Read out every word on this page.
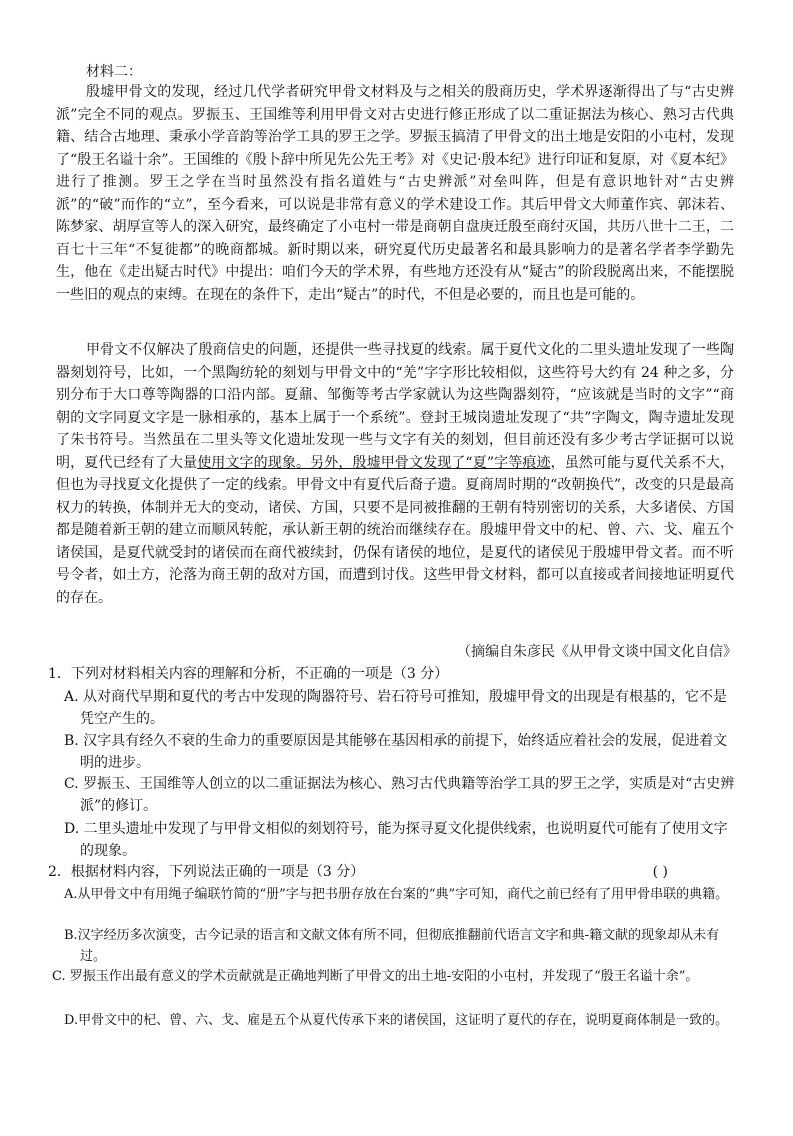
材料二：

殷墟甲骨文的发现，经过几代学者研究甲骨文材料及与之相关的殷商历史，学术界逐渐得出了与“古史辨派”完全不同的观点。罗振玉、王国维等利用甲骨文对古史进行修正形成了以二重证据法为核心、熟习古代典籍、结合古地理、秉承小学音韵等治学工具的罗王之学。罗振玉搞清了甲骨文的出土地是安阳的小屯村，发现了“殷王名谥十余”。王国维的《殷卜辞中所见先公先王考》对《史记·殷本纪》进行印证和复原，对《夏本纪》进行了推测。罗王之学在当时虽然没有指名道姓与“古史辨派”对垒叫阵，但是有意识地针对“古史辨派”的“破”而作的“立”，至今看来，可以说是非常有意义的学术建设工作。其后甲骨文大师董作宾、郭沫若、陈梦家、胡厚宣等人的深入研究，最终确定了小屯村一带是商朝自盘庚迁殷至商纣灭国，共历八世十二王，二百七十三年“不复徙都”的晚商都城。新时期以来，研究夏代历史最著名和最具影响力的是著名学者李学勤先生，他在《走出疑古时代》中提出：咱们今天的学术界，有些地方还没有从“疑古”的阶段脱离出来，不能摆脱一些旧的观点的束缚。在现在的条件下，走出“疑古”的时代，不但是必要的，而且也是可能的。

甲骨文不仅解决了殷商信史的问题，还提供一些寻找夏的线索。属于夏代文化的二里头遗址发现了一些陶器刻划符号，比如，一个黑陶纺轮的刻划与甲骨文中的“羌”字字形比较相似，这些符号大约有 24 种之多，分别分布于大口尊等陶器的口沿内部。夏鼐、邹衡等考古学家就认为这些陶器刻符，“应该就是当时的文字”“商朝的文字同夏文字是一脉相承的，基本上属于一个系统”。登封王城岗遗址发现了“共”字陶文，陶寺遗址发现了朱书符号。当然虽在二里头等文化遗址发现一些与文字有关的刻划，但目前还没有多少考古学证据可以说明，夏代已经有了大量使用文字的现象。另外，殷墟甲骨文发现了“夏”字等痕迹，虽然可能与夏代关系不大，但也为寻找夏文化提供了一定的线索。甲骨文中有夏代后裔子遗。夏商周时期的“改朝换代”，改变的只是最高权力的转换，体制并无大的变动，诸侯、方国，只要不是同被推翻的王朝有特别密切的关系，大多诸侯、方国都是随着新王朝的建立而顺风转舵，承认新王朝的统治而继续存在。殷墟甲骨文中的杞、曾、六、戈、雇五个诸侯国，是夏代就受封的诸侯而在商代被续封，仍保有诸侯的地位，是夏代的诸侯见于殷墟甲骨文者。而不听号令者，如土方，沦落为商王朝的敌对方国，而遭到讨伐。这些甲骨文材料，都可以直接或者间接地证明夏代的存在。

（摘编自朱彦民《从甲骨文谈中国文化自信》
1．下列对材料相关内容的理解和分析，不正确的一项是（3 分）

A. 从对商代早期和夏代的考古中发现的陶器符号、岩石符号可推知，殷墟甲骨文的出现是有根基的，它不是凭空产生的。

B. 汉字具有经久不衰的生命力的重要原因是其能够在基因相承的前提下，始终适应着社会的发展，促进着文明的进步。

C. 罗振玉、王国维等人创立的以二重证据法为核心、熟习古代典籍等治学工具的罗王之学，实质是对“古史辨派”的修订。

D. 二里头遗址中发现了与甲骨文相似的刻划符号，能为探寻夏文化提供线索，也说明夏代可能有了使用文字的现象。

2．根据材料内容，下列说法正确的一项是（3 分）	( )

A.从甲骨文中有用绳子编联竹简的“册”字与把书册存放在台案的“典”字可知，商代之前已经有了用甲骨串联的典籍。

B.汉字经历多次演变，古今记录的语言和文献文体有所不同，但彻底推翻前代语言文字和典-籍文献的现象却从未有过。

C. 罗振玉作出最有意义的学术贡献就是正确地判断了甲骨文的出土地-安阳的小屯村，并发现了“殷王名谥十余”。

D.甲骨文中的杞、曾、六、戈、雇是五个从夏代传承下来的诸侯国，这证明了夏代的存在，说明夏商体制是一致的。
